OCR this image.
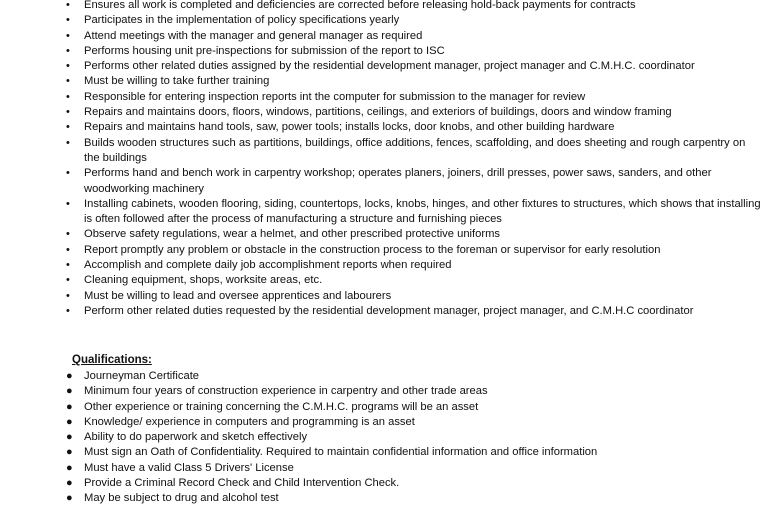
• Ensures all work is completed and deficiencies are corrected before releasing hold-back payments for contracts
• Participates in the implementation of policy specifications yearly
• Attend meetings with the manager and general manager as required
• Performs housing unit pre-inspections for submission of the report to ISC
• Performs other related duties assigned by the residential development manager, project manager and C.M.H.C. coordinator
• Must be willing to take further training
• Responsible for entering inspection reports int the computer for submission to the manager for review
• Repairs and maintains doors, floors, windows, partitions, ceilings, and exteriors of buildings, doors and window framing
• Repairs and maintains hand tools, saw, power tools; installs locks, door knobs, and other building hardware
• Builds wooden structures such as partitions, buildings, office additions, fences, scaffolding, and does sheeting and rough carpentry on the buildings
• Performs hand and bench work in carpentry workshop; operates planers, joiners, drill presses, power saws, sanders, and other woodworking machinery
• Installing cabinets, wooden flooring, siding, countertops, locks, knobs, hinges, and other fixtures to structures, which shows that installing is often followed after the process of manufacturing a structure and furnishing pieces
• Observe safety regulations, wear a helmet, and other prescribed protective uniforms
• Report promptly any problem or obstacle in the construction process to the foreman or supervisor for early resolution
• Accomplish and complete daily job accomplishment reports when required
• Cleaning equipment, shops, worksite areas, etc.
• Must be willing to lead and oversee apprentices and labourers
• Perform other related duties requested by the residential development manager, project manager, and C.M.H.C coordinator
Qualifications:
● Journeyman Certificate
● Minimum four years of construction experience in carpentry and other trade areas
● Other experience or training concerning the C.M.H.C. programs will be an asset
● Knowledge/ experience in computers and programming is an asset
● Ability to do paperwork and sketch effectively
● Must sign an Oath of Confidentiality. Required to maintain confidential information and office information
● Must have a valid Class 5 Drivers' License
● Provide a Criminal Record Check and Child Intervention Check.
● May be subject to drug and alcohol test
